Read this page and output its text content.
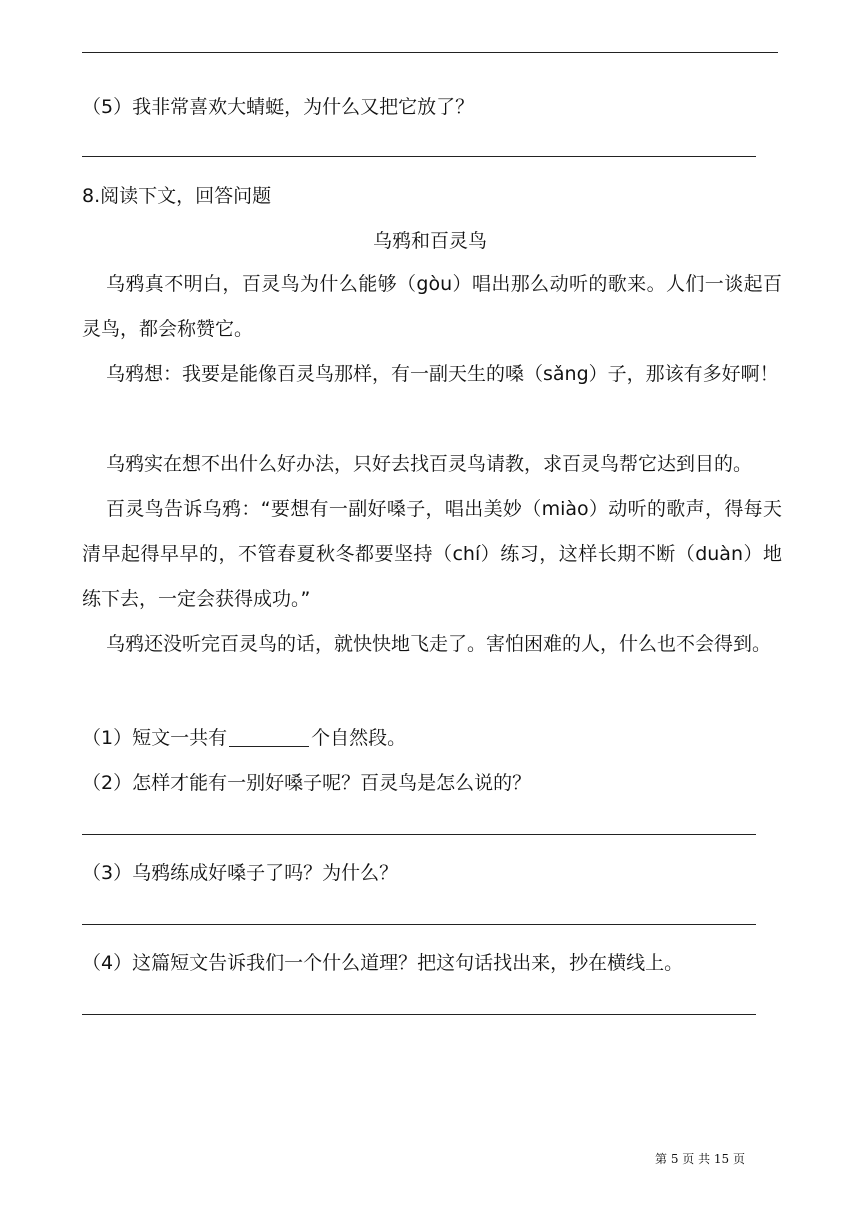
（5）我非常喜欢大蜻蜓，为什么又把它放了？
8.阅读下文，回答问题
乌鸦和百灵鸟
乌鸦真不明白，百灵鸟为什么能够（gòu）唱出那么动听的歌来。人们一谈起百灵鸟，都会称赞它。
乌鸦想：我要是能像百灵鸟那样，有一副天生的嗓（sǎng）子，那该有多好啊！
乌鸦实在想不出什么好办法，只好去找百灵鸟请教，求百灵鸟帮它达到目的。
百灵鸟告诉乌鸦：“要想有一副好嗓子，唱出美妙（miào）动听的歌声，得每天清早起得早早的，不管春夏秋冬都要坚持（chí）练习，这样长期不断（duàn）地练下去，一定会获得成功。”
乌鸦还没听完百灵鸟的话，就快快地飞走了。害怕困难的人，什么也不会得到。
（1）短文一共有	个自然段。
（2）怎样才能有一别好嗓子呢？百灵鸟是怎么说的？
（3）乌鸦练成好嗓子了吗？为什么？
（4）这篇短文告诉我们一个什么道理？把这句话找出来，抄在横线上。
第 5 页 共 15 页
